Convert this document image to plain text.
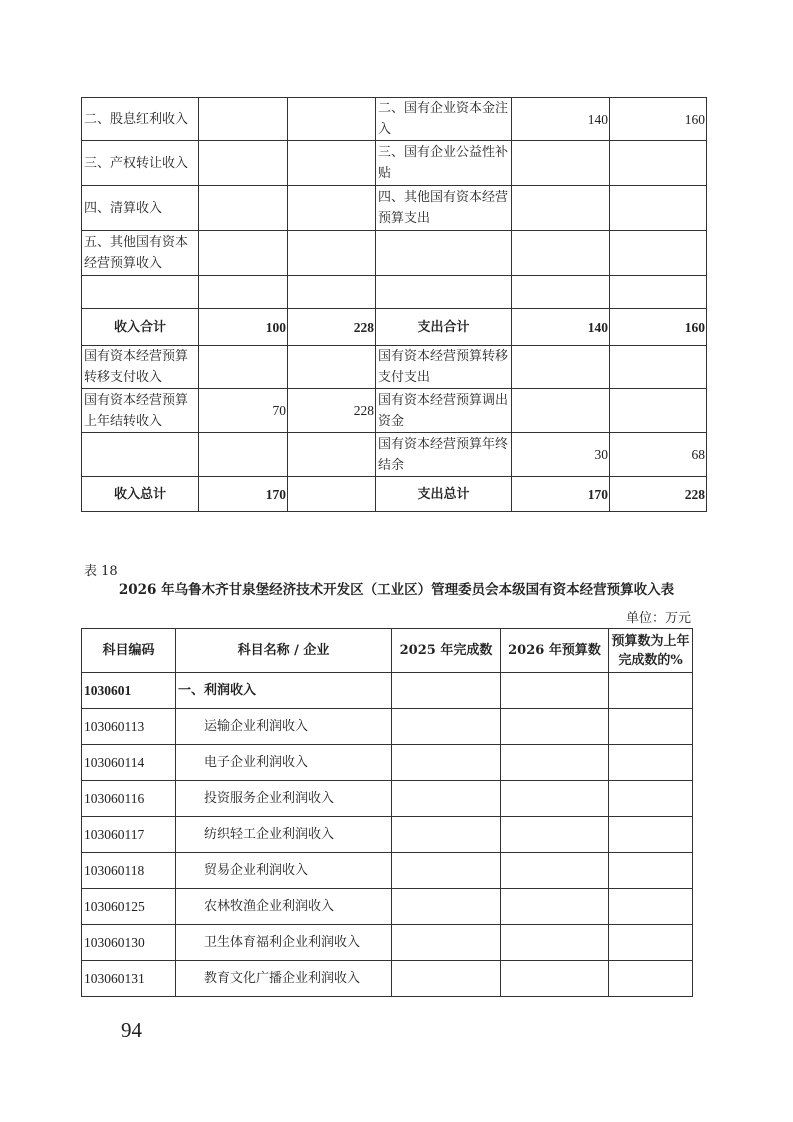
二、股息红利收入			二、国有企业资本金注入	140	160
三、产权转让收入			三、国有企业公益性补贴		
四、清算收入			四、其他国有资本经营预算支出		
五、其他国有资本经营预算收入					

收入合计	100	228	支出合计	140	160
国有资本经营预算转移支付收入			国有资本经营预算转移支付支出		
国有资本经营预算上年结转收入	70	228	国有资本经营预算调出资金		
			国有资本经营预算年终结余	30	68
收入总计	170		支出总计	170	228
表 18
2026 年乌鲁木齐甘泉堡经济技术开发区（工业区）管理委员会本级国有资本经营预算收入表
单位：万元
科目编码	科目名称 / 企业	2025 年完成数	2026 年预算数	预算数为上年完成数的%
1030601	一、利润收入			
103060113	运输企业利润收入			
103060114	电子企业利润收入			
103060116	投资服务企业利润收入			
103060117	纺织轻工企业利润收入			
103060118	贸易企业利润收入			
103060125	农林牧渔企业利润收入			
103060130	卫生体育福利企业利润收入			
103060131	教育文化广播企业利润收入			
94
